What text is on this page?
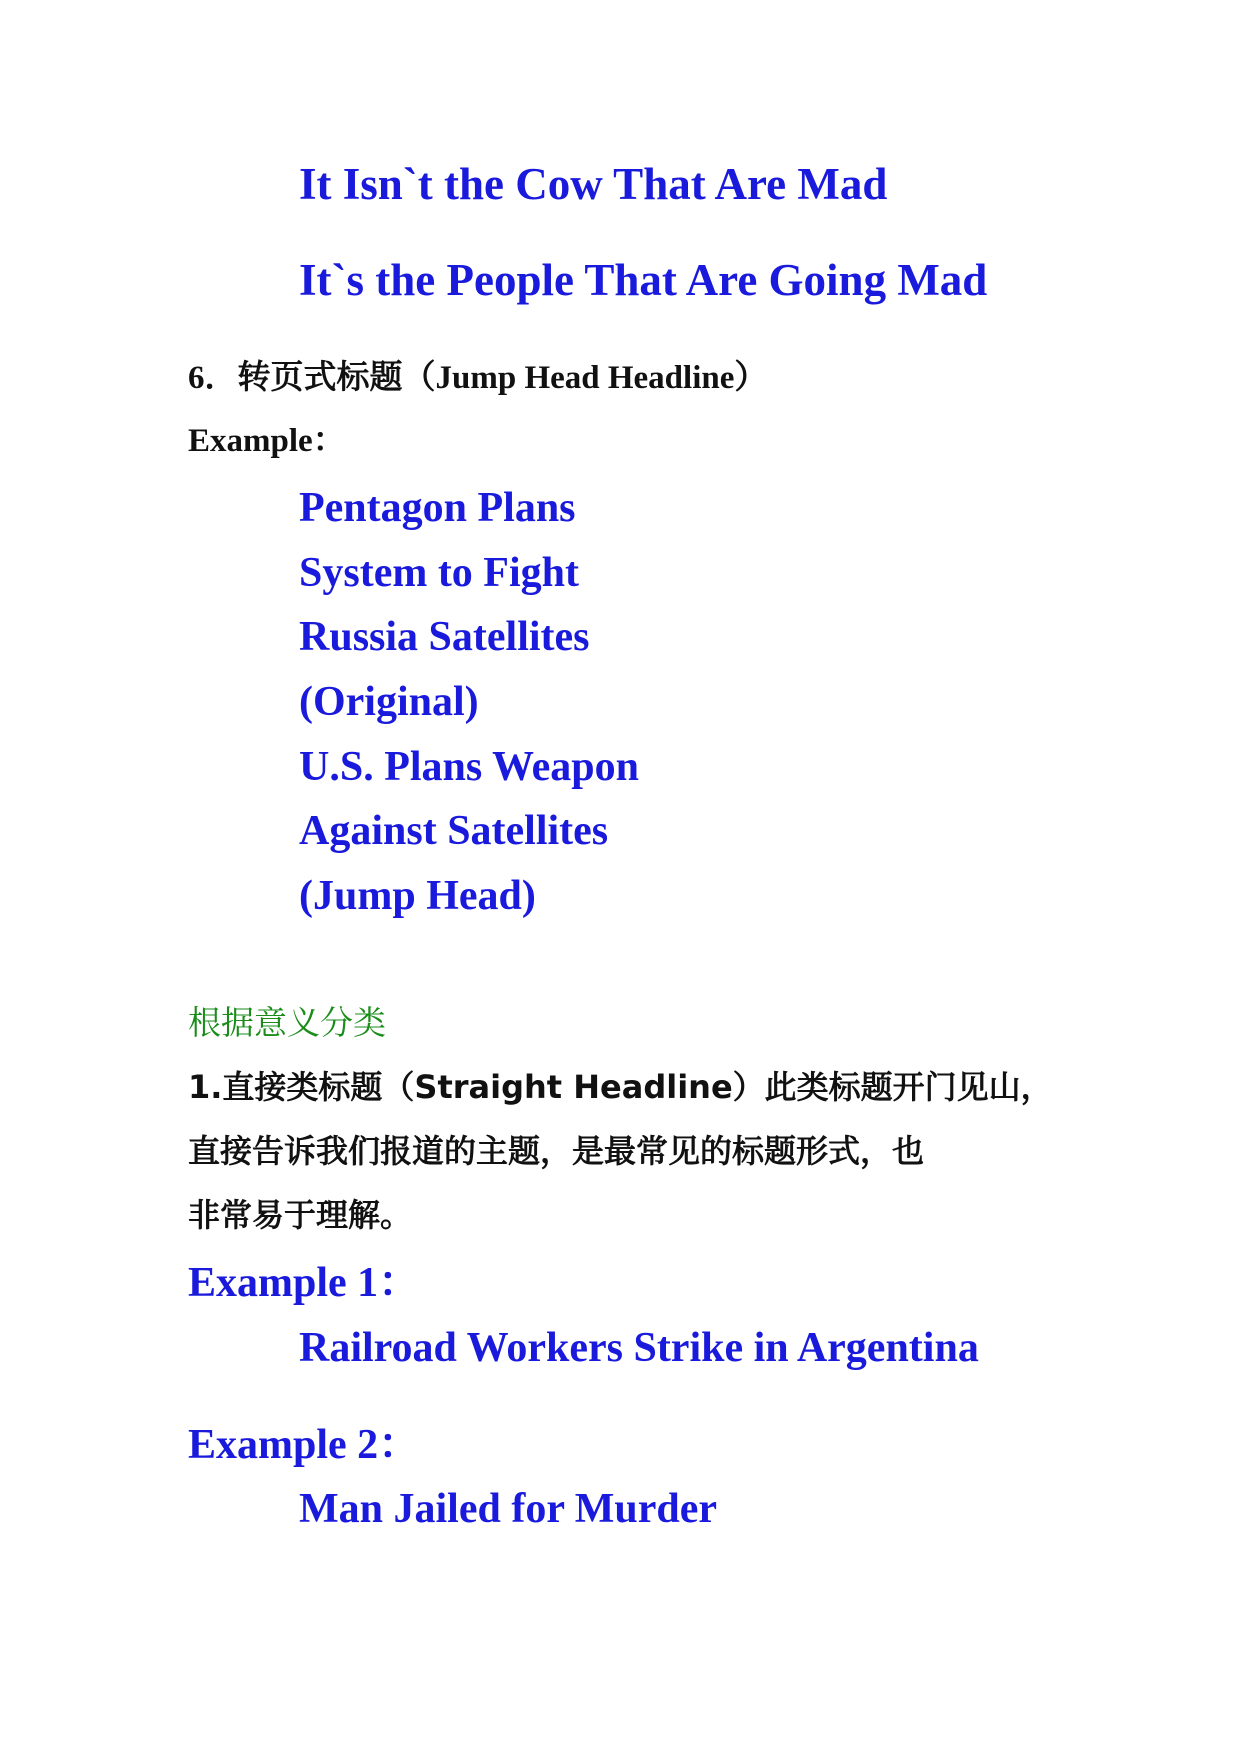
It Isn`t the Cow That Are Mad
It`s the People That Are Going Mad
6．转页式标题（Jump Head Headline）
Example：
Pentagon Plans
System to Fight
Russia Satellites
(Original)
U.S. Plans Weapon
Against Satellites
(Jump Head)
根据意义分类
1.直接类标题（Straight Headline）此类标题开门见山，
直接告诉我们报道的主题，是最常见的标题形式，也
非常易于理解。
Example 1：
Railroad Workers Strike in Argentina
Example 2：
Man Jailed for Murder
